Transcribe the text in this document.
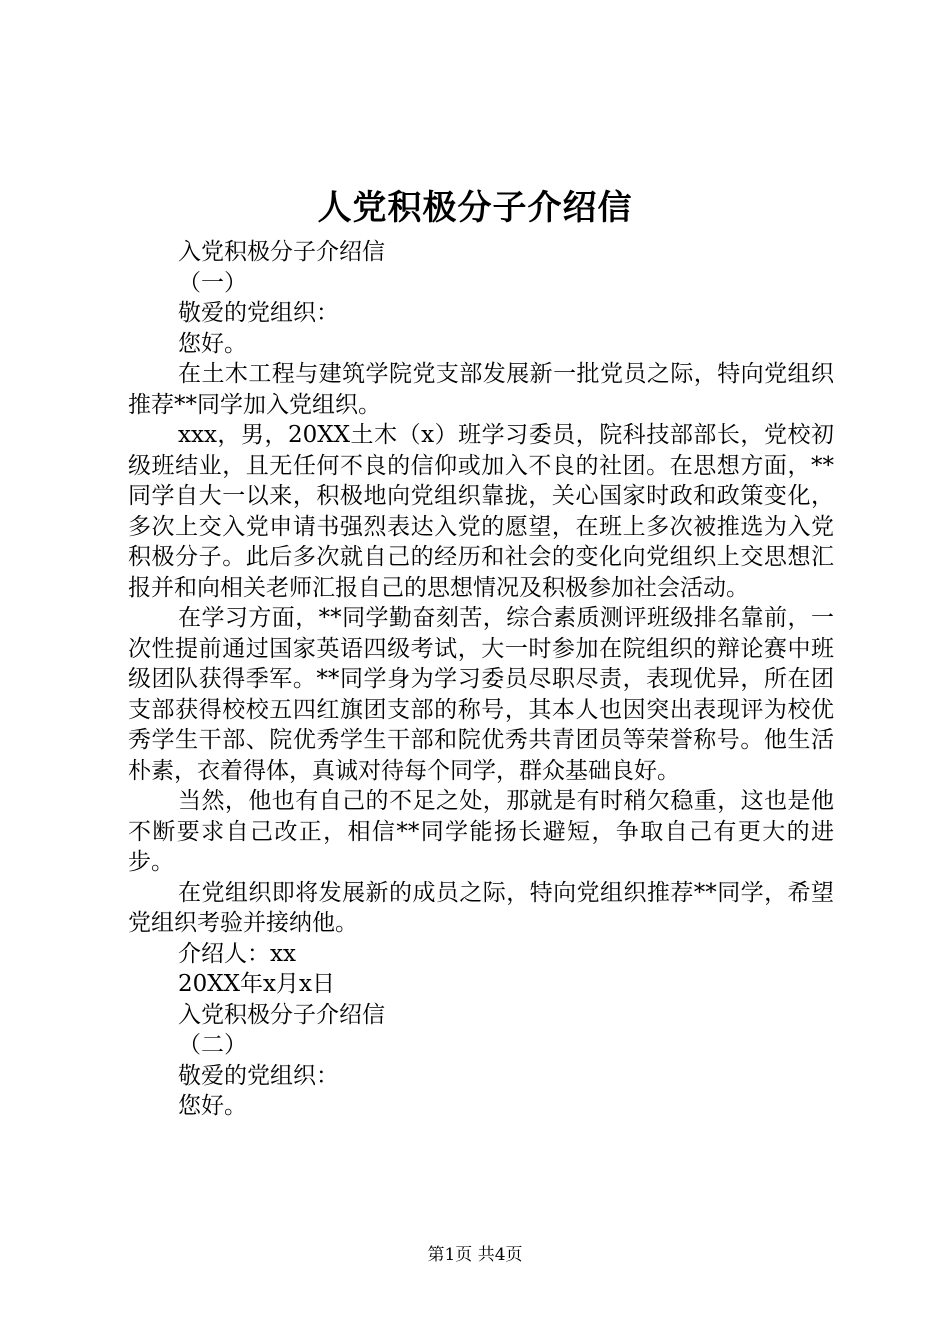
人党积极分子介绍信

入党积极分子介绍信

（一）

敬爱的党组织：

您好。

在土木工程与建筑学院党支部发展新一批党员之际，特向党组织推荐**同学加入党组织。

xxx，男，20XX土木（x）班学习委员，院科技部部长，党校初级班结业，且无任何不良的信仰或加入不良的社团。在思想方面，**同学自大一以来，积极地向党组织靠拢，关心国家时政和政策变化，多次上交入党申请书强烈表达入党的愿望，在班上多次被推选为入党积极分子。此后多次就自己的经历和社会的变化向党组织上交思想汇报并和向相关老师汇报自己的思想情况及积极参加社会活动。

在学习方面，**同学勤奋刻苦，综合素质测评班级排名靠前，一次性提前通过国家英语四级考试，大一时参加在院组织的辩论赛中班级团队获得季军。**同学身为学习委员尽职尽责，表现优异，所在团支部获得校校五四红旗团支部的称号，其本人也因突出表现评为校优秀学生干部、院优秀学生干部和院优秀共青团员等荣誉称号。他生活朴素，衣着得体，真诚对待每个同学，群众基础良好。

当然，他也有自己的不足之处，那就是有时稍欠稳重，这也是他不断要求自己改正，相信**同学能扬长避短，争取自己有更大的进步。

在党组织即将发展新的成员之际，特向党组织推荐**同学，希望党组织考验并接纳他。

介绍人：xx

20XX年x月x日

入党积极分子介绍信

（二）

敬爱的党组织：

您好。

第1页 共4页
